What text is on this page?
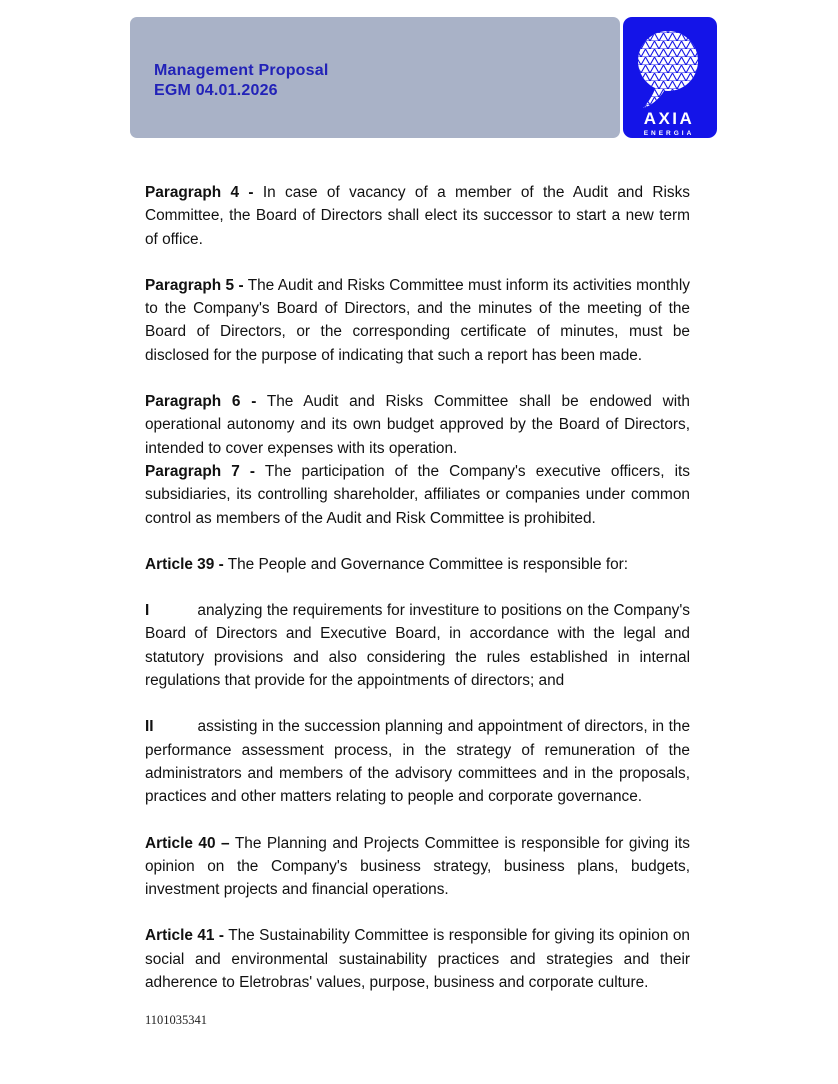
Management Proposal
EGM 04.01.2026
AXIA
ENERGIA

Paragraph 4 - In case of vacancy of a member of the Audit and Risks Committee, the Board of Directors shall elect its successor to start a new term of office.

Paragraph 5 - The Audit and Risks Committee must inform its activities monthly to the Company's Board of Directors, and the minutes of the meeting of the Board of Directors, or the corresponding certificate of minutes, must be disclosed for the purpose of indicating that such a report has been made.

Paragraph 6 - The Audit and Risks Committee shall be endowed with operational autonomy and its own budget approved by the Board of Directors, intended to cover expenses with its operation.

Paragraph 7 - The participation of the Company's executive officers, its subsidiaries, its controlling shareholder, affiliates or companies under common control as members of the Audit and Risk Committee is prohibited.

Article 39 - The People and Governance Committee is responsible for:

I	analyzing the requirements for investiture to positions on the Company's Board of Directors and Executive Board, in accordance with the legal and statutory provisions and also considering the rules established in internal regulations that provide for the appointments of directors; and

II	assisting in the succession planning and appointment of directors, in the performance assessment process, in the strategy of remuneration of the administrators and members of the advisory committees and in the proposals, practices and other matters relating to people and corporate governance.

Article 40 – The Planning and Projects Committee is responsible for giving its opinion on the Company's business strategy, business plans, budgets, investment projects and financial operations.

Article 41 - The Sustainability Committee is responsible for giving its opinion on social and environmental sustainability practices and strategies and their adherence to Eletrobras' values, purpose, business and corporate culture.

1101035341
